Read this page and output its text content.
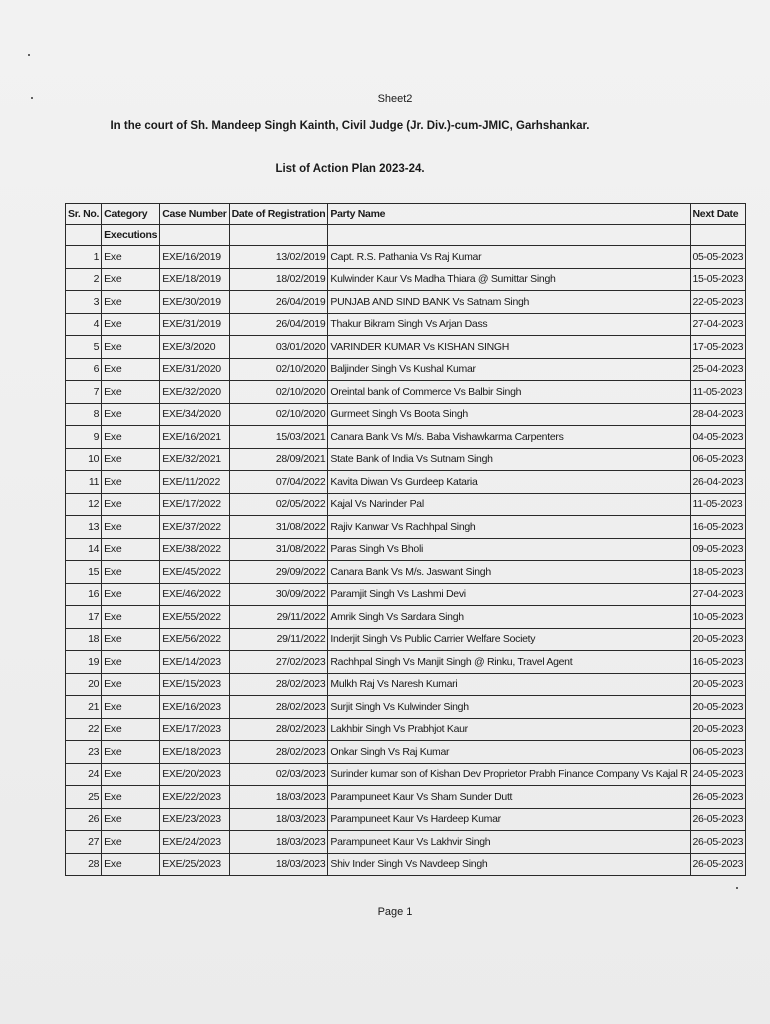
Sheet2
In the court of Sh. Mandeep Singh Kainth, Civil Judge (Jr. Div.)-cum-JMIC, Garhshankar.
List of Action Plan 2023-24.
Sr. No.	Category	Case Number	Date of Registration	Party Name	Next Date
	Executions				
1	Exe	EXE/16/2019	13/02/2019	Capt. R.S. Pathania Vs Raj Kumar	05-05-2023
2	Exe	EXE/18/2019	18/02/2019	Kulwinder Kaur Vs Madha Thiara @ Sumittar Singh	15-05-2023
3	Exe	EXE/30/2019	26/04/2019	PUNJAB AND SIND BANK Vs Satnam Singh	22-05-2023
4	Exe	EXE/31/2019	26/04/2019	Thakur Bikram Singh Vs Arjan Dass	27-04-2023
5	Exe	EXE/3/2020	03/01/2020	VARINDER KUMAR Vs KISHAN SINGH	17-05-2023
6	Exe	EXE/31/2020	02/10/2020	Baljinder Singh Vs Kushal Kumar	25-04-2023
7	Exe	EXE/32/2020	02/10/2020	Oreintal bank of Commerce Vs Balbir Singh	11-05-2023
8	Exe	EXE/34/2020	02/10/2020	Gurmeet Singh Vs Boota Singh	28-04-2023
9	Exe	EXE/16/2021	15/03/2021	Canara Bank Vs M/s. Baba Vishawkarma Carpenters	04-05-2023
10	Exe	EXE/32/2021	28/09/2021	State Bank of India Vs Sutnam Singh	06-05-2023
11	Exe	EXE/11/2022	07/04/2022	Kavita Diwan Vs Gurdeep Kataria	26-04-2023
12	Exe	EXE/17/2022	02/05/2022	Kajal Vs Narinder Pal	11-05-2023
13	Exe	EXE/37/2022	31/08/2022	Rajiv Kanwar Vs Rachhpal Singh	16-05-2023
14	Exe	EXE/38/2022	31/08/2022	Paras Singh Vs Bholi	09-05-2023
15	Exe	EXE/45/2022	29/09/2022	Canara Bank Vs M/s. Jaswant Singh	18-05-2023
16	Exe	EXE/46/2022	30/09/2022	Paramjit Singh Vs Lashmi Devi	27-04-2023
17	Exe	EXE/55/2022	29/11/2022	Amrik Singh Vs Sardara Singh	10-05-2023
18	Exe	EXE/56/2022	29/11/2022	Inderjit Singh Vs Public Carrier Welfare Society	20-05-2023
19	Exe	EXE/14/2023	27/02/2023	Rachhpal Singh Vs Manjit Singh @ Rinku, Travel Agent	16-05-2023
20	Exe	EXE/15/2023	28/02/2023	Mulkh Raj Vs Naresh Kumari	20-05-2023
21	Exe	EXE/16/2023	28/02/2023	Surjit Singh Vs Kulwinder Singh	20-05-2023
22	Exe	EXE/17/2023	28/02/2023	Lakhbir Singh Vs Prabhjot Kaur	20-05-2023
23	Exe	EXE/18/2023	28/02/2023	Onkar Singh Vs Raj Kumar	06-05-2023
24	Exe	EXE/20/2023	02/03/2023	Surinder kumar son of Kishan Dev Proprietor Prabh Finance Company Vs Kajal R	24-05-2023
25	Exe	EXE/22/2023	18/03/2023	Parampuneet Kaur Vs Sham Sunder Dutt	26-05-2023
26	Exe	EXE/23/2023	18/03/2023	Parampuneet Kaur Vs Hardeep Kumar	26-05-2023
27	Exe	EXE/24/2023	18/03/2023	Parampuneet Kaur Vs Lakhvir Singh	26-05-2023
28	Exe	EXE/25/2023	18/03/2023	Shiv Inder Singh Vs Navdeep Singh	26-05-2023
Page 1
